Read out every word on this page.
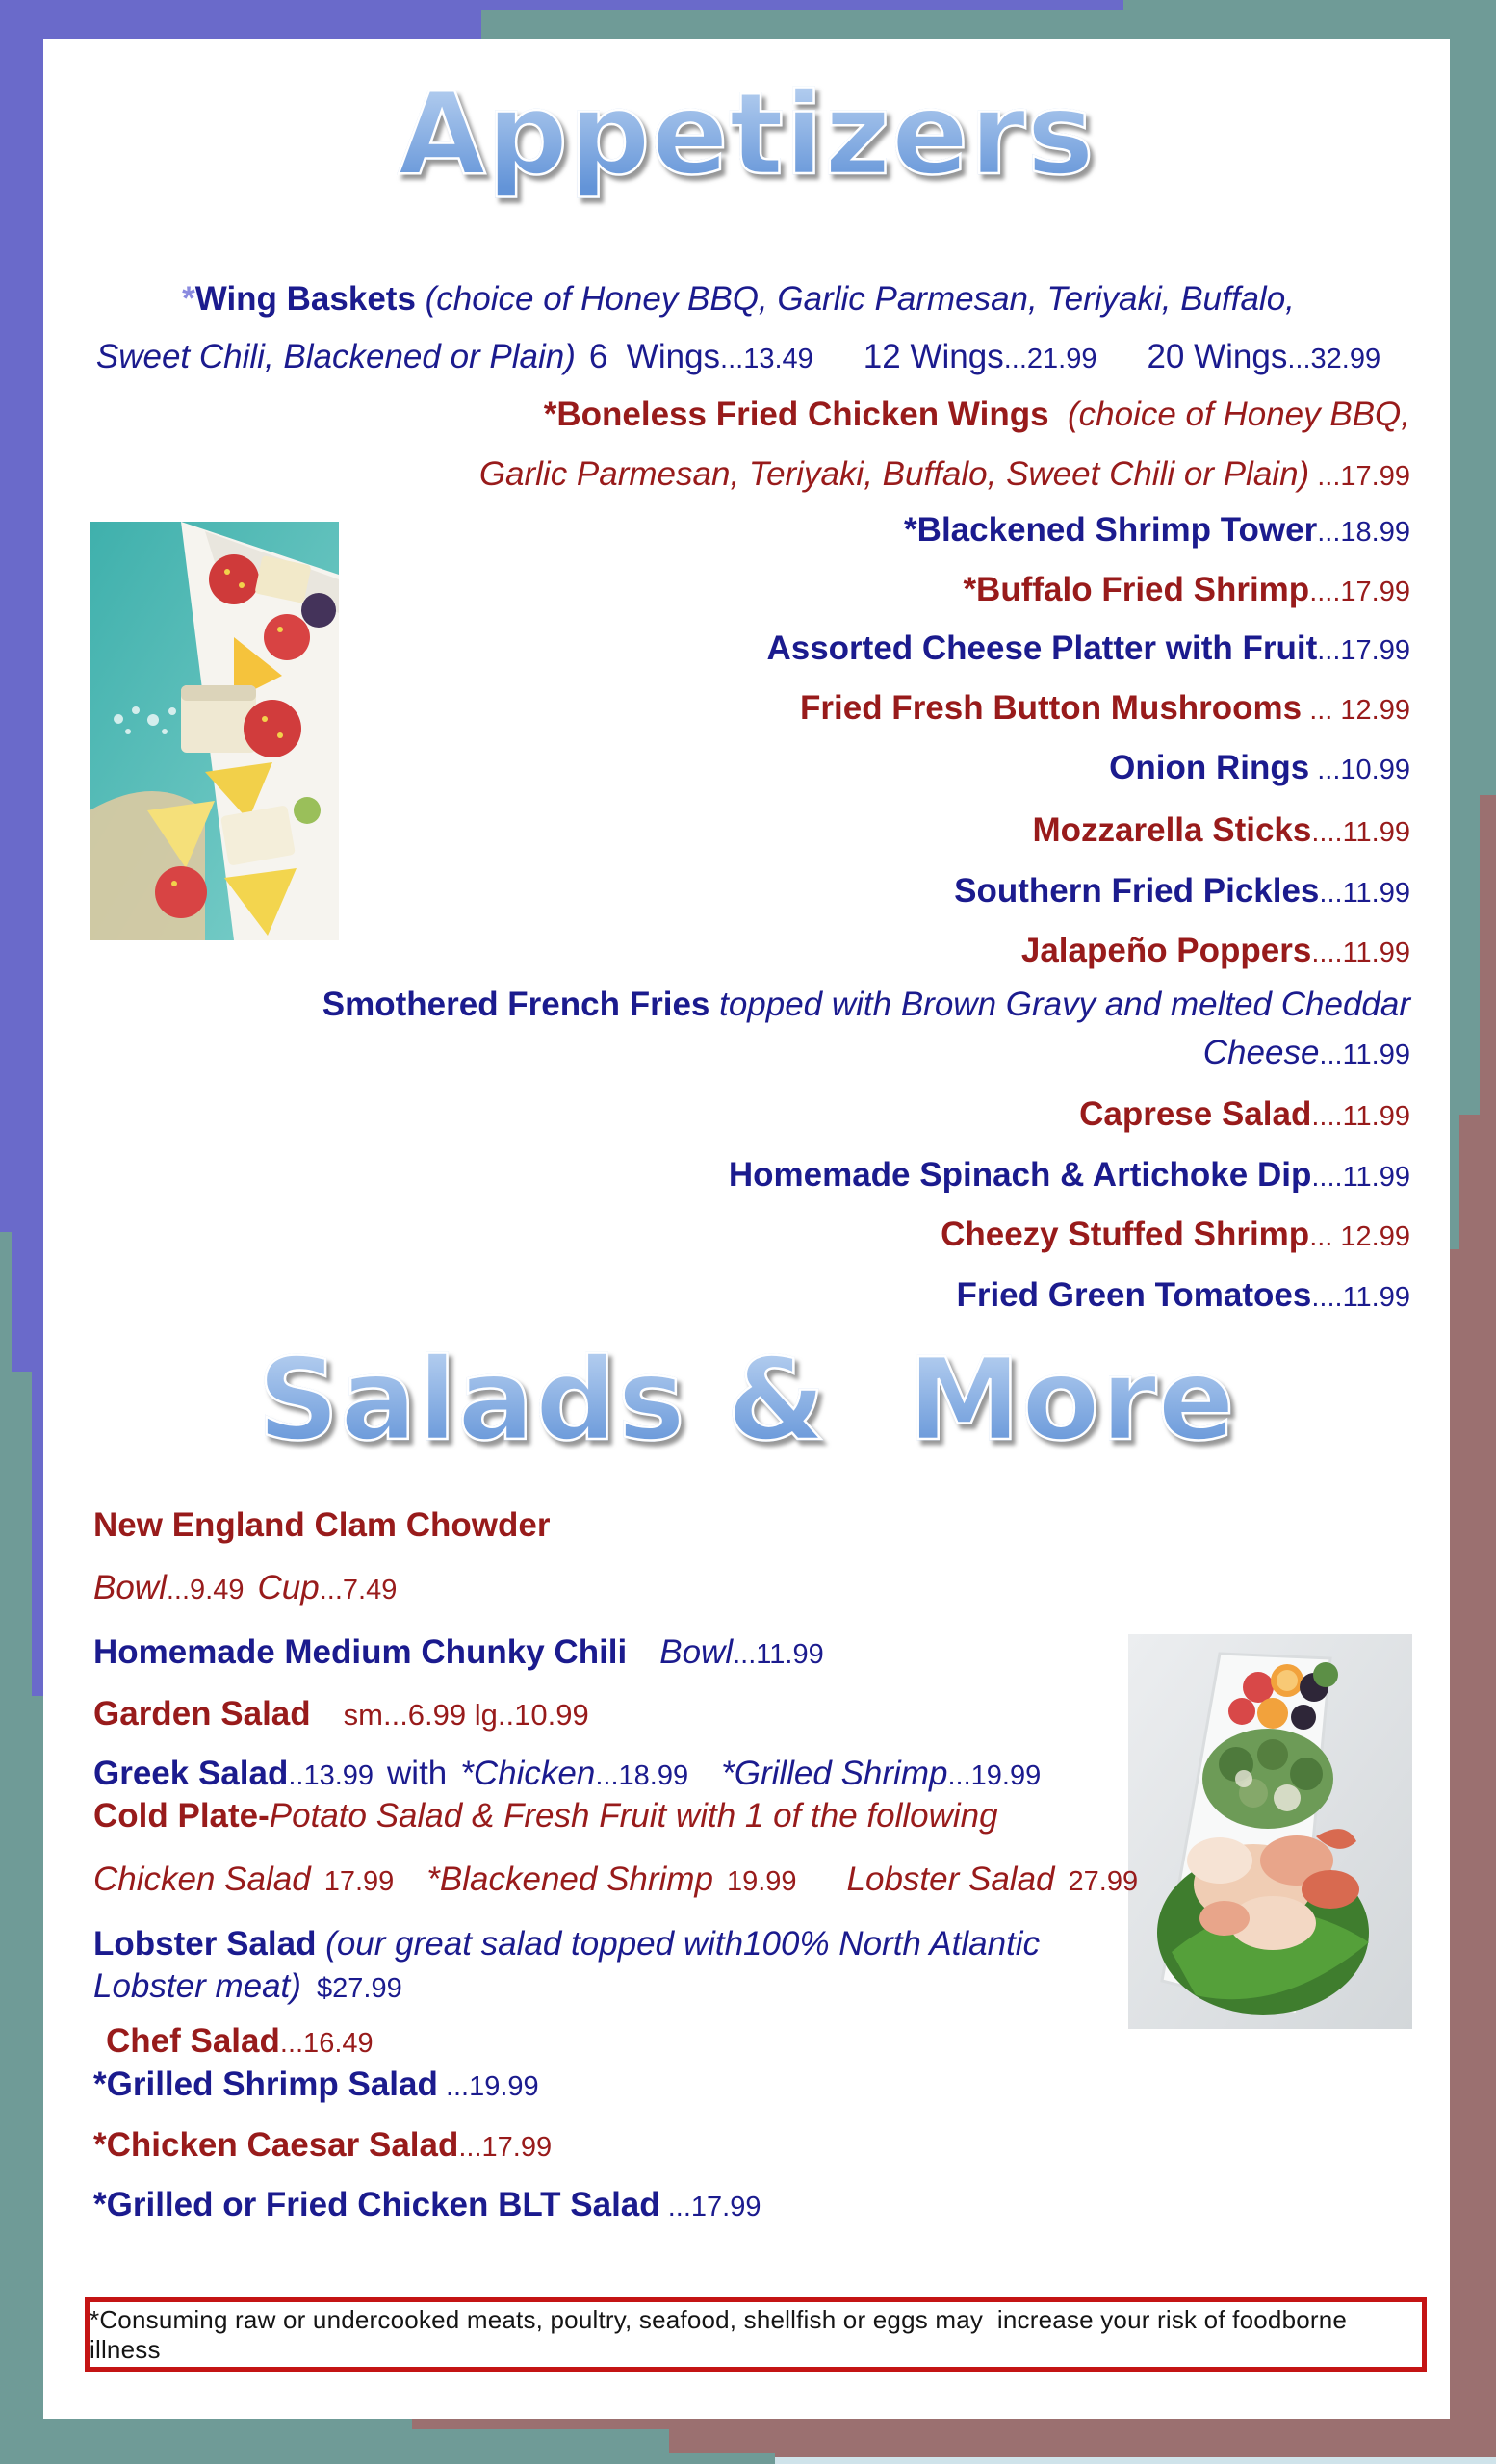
Appetizers
*Wing Baskets (choice of Honey BBQ, Garlic Parmesan, Teriyaki, Buffalo,
Sweet Chili, Blackened or Plain) 6  Wings...13.49 12 Wings...21.99 20 Wings...32.99
*Boneless Fried Chicken Wings  (choice of Honey BBQ,
Garlic Parmesan, Teriyaki, Buffalo, Sweet Chili or Plain) ...17.99
*Blackened Shrimp Tower...18.99
*Buffalo Fried Shrimp....17.99
Assorted Cheese Platter with Fruit...17.99
Fried Fresh Button Mushrooms ... 12.99
Onion Rings ...10.99
Mozzarella Sticks....11.99
Southern Fried Pickles...11.99
Jalapeño Poppers....11.99
Smothered French Fries topped with Brown Gravy and melted Cheddar
Cheese...11.99
Caprese Salad....11.99
Homemade Spinach & Artichoke Dip....11.99
Cheezy Stuffed Shrimp... 12.99
Fried Green Tomatoes....11.99
Salads &  More
New England Clam Chowder
Bowl...9.49 Cup...7.49
Homemade Medium Chunky Chili Bowl...11.99
Garden Salad sm...6.99 lg..10.99
Greek Salad..13.99 with *Chicken...18.99 *Grilled Shrimp...19.99
Cold Plate-Potato Salad & Fresh Fruit with 1 of the following
Chicken Salad 17.99 *Blackened Shrimp 19.99 Lobster Salad 27.99
Lobster Salad (our great salad topped with100% North Atlantic
Lobster meat)  $27.99
Chef Salad...16.49
*Grilled Shrimp Salad ...19.99
*Chicken Caesar Salad...17.99
*Grilled or Fried Chicken BLT Salad ...17.99
*Consuming raw or undercooked meats, poultry, seafood, shellfish or eggs may  increase your risk of foodborne illness
